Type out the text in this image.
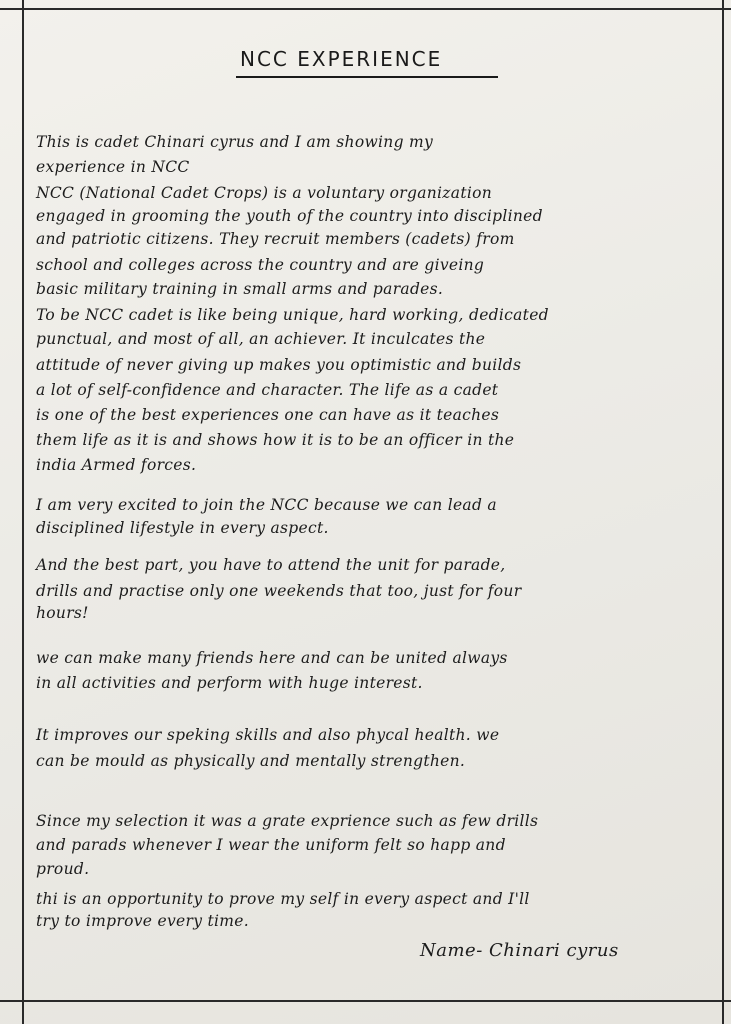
NCC EXPERIENCE
This is cadet Chinari cyrus and I am showing my
experience in NCC
NCC (National Cadet Crops) is a voluntary organization
engaged in grooming the youth of the country into disciplined
and patriotic citizens. They recruit members (cadets) from
school and colleges across the country and are giveing
basic military training in small arms and parades.
To be NCC cadet is like being unique, hard working, dedicated
punctual, and most of all, an achiever. It inculcates the
attitude of never giving up makes you optimistic and builds
a lot of self-confidence and character. The life as a cadet
is one of the best experiences one can have as it teaches
them life as it is and shows how it is to be an officer in the
india Armed forces.
I am very excited to join the NCC because we can lead a
disciplined lifestyle in every aspect.
And the best part, you have to attend the unit for parade,
drills and practise only one weekends that too, just for four
hours!
we can make many friends here and can be united always
in all activities and perform with huge interest.
It improves our speking skills and also phycal health. we
can be mould as physically and mentally strengthen.
Since my selection it was a grate exprience such as few drills
and parads whenever I wear the uniform felt so happ and
proud.
thi is an opportunity to prove my self in every aspect and I'll
try to improve every time.
Name- Chinari cyrus
